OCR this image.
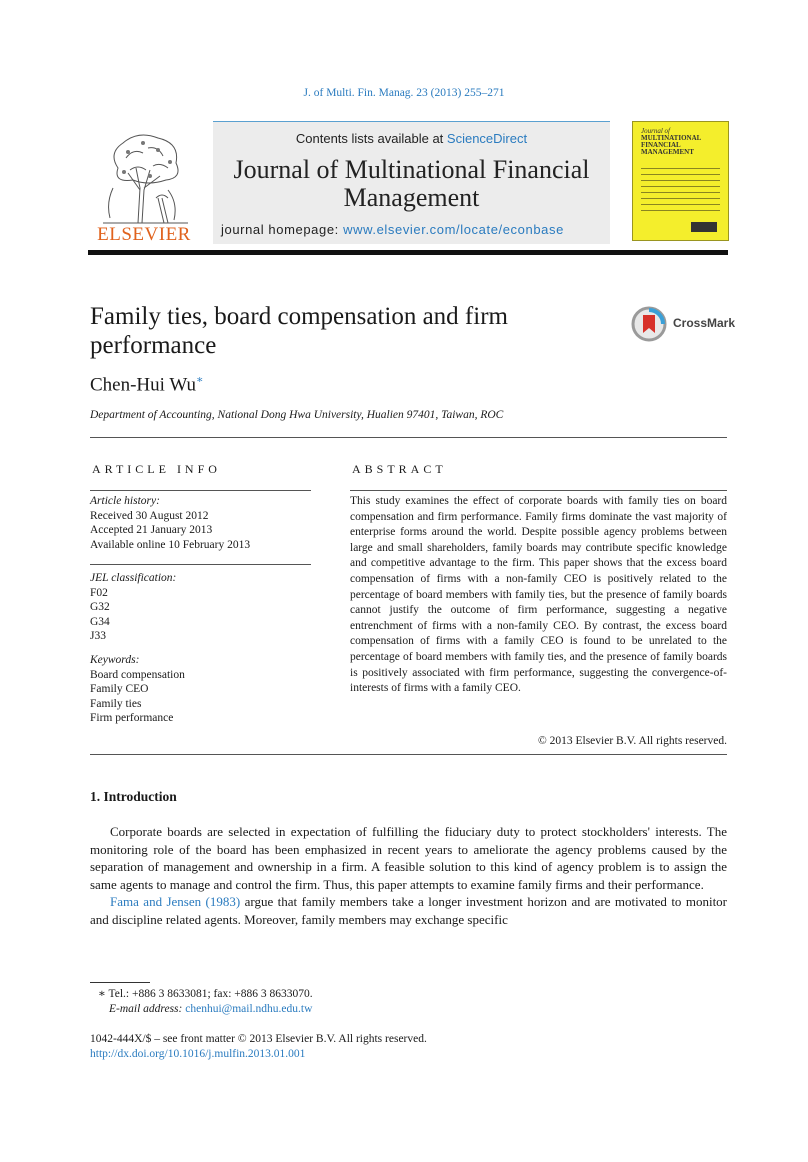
J. of Multi. Fin. Manag. 23 (2013) 255–271
ELSEVIER
Contents lists available at ScienceDirect
Journal of Multinational Financial
Management
journal homepage: www.elsevier.com/locate/econbase
Journal of
MULTINATIONAL
FINANCIAL
MANAGEMENT
Family ties, board compensation and firm performance
CrossMark
Chen-Hui Wu∗
Department of Accounting, National Dong Hwa University, Hualien 97401, Taiwan, ROC
ARTICLE INFO
Article history:
Received 30 August 2012
Accepted 21 January 2013
Available online 10 February 2013
JEL classification:
F02
G32
G34
J33
Keywords:
Board compensation
Family CEO
Family ties
Firm performance
ABSTRACT
This study examines the effect of corporate boards with family ties on board compensation and firm performance. Family firms dominate the vast majority of enterprise forms around the world. Despite possible agency problems between large and small shareholders, family boards may contribute specific knowledge and competitive advantage to the firm. This paper shows that the excess board compensation of firms with a non-family CEO is positively related to the percentage of board members with family ties, but the presence of family boards cannot justify the outcome of firm performance, suggesting a negative entrenchment of firms with a non-family CEO. By contrast, the excess board compensation of firms with a family CEO is found to be unrelated to the percentage of board members with family ties, and the presence of family boards is positively associated with firm performance, suggesting the convergence-of-interests of firms with a family CEO.
© 2013 Elsevier B.V. All rights reserved.
1. Introduction

Corporate boards are selected in expectation of fulfilling the fiduciary duty to protect stockholders' interests. The monitoring role of the board has been emphasized in recent years to ameliorate the agency problems caused by the separation of management and ownership in a firm. A feasible solution to this kind of agency problem is to assign the same agents to manage and control the firm. Thus, this paper attempts to examine family firms and their performance.

Fama and Jensen (1983) argue that family members take a longer investment horizon and are motivated to monitor and discipline related agents. Moreover, family members may exchange specific

∗ Tel.: +886 3 8633081; fax: +886 3 8633070.
E-mail address: chenhui@mail.ndhu.edu.tw
1042-444X/$ – see front matter © 2013 Elsevier B.V. All rights reserved.
http://dx.doi.org/10.1016/j.mulfin.2013.01.001
